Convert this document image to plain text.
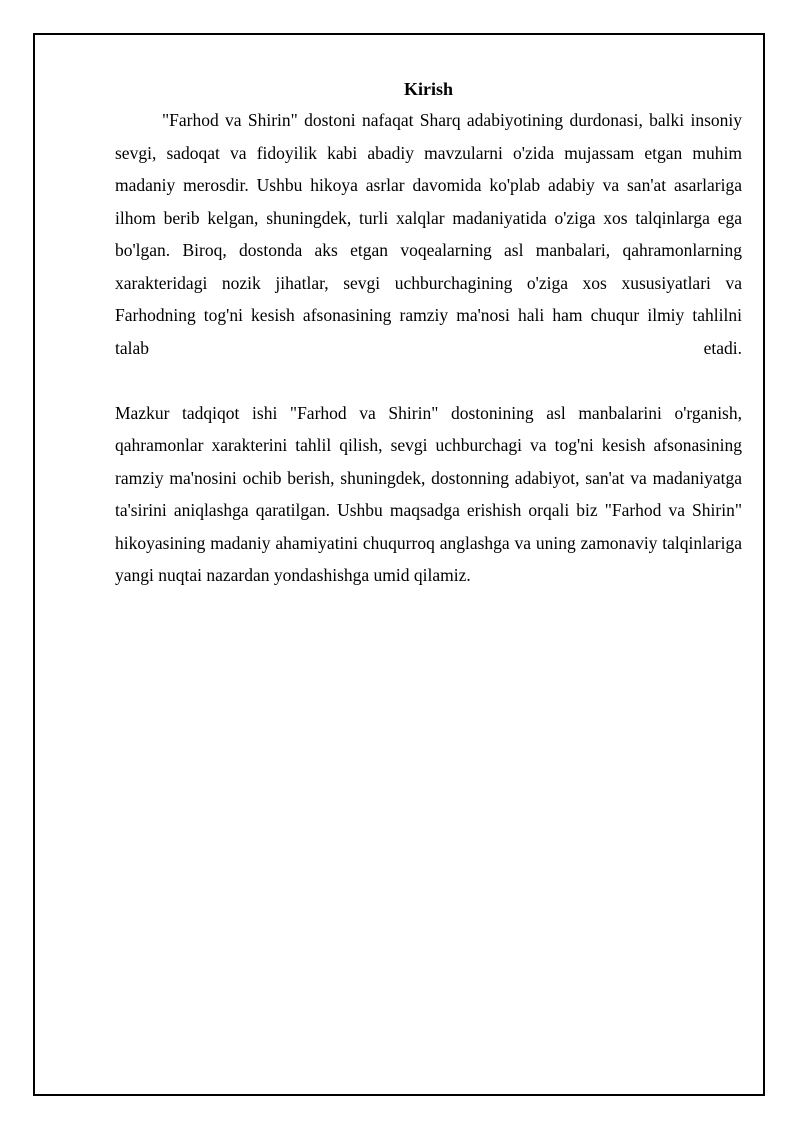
Kirish

"Farhod va Shirin" dostoni nafaqat Sharq adabiyotining durdonasi, balki insoniy sevgi, sadoqat va fidoyilik kabi abadiy mavzularni o'zida mujassam etgan muhim madaniy merosdir. Ushbu hikoya asrlar davomida ko'plab adabiy va san'at asarlariga ilhom berib kelgan, shuningdek, turli xalqlar madaniyatida o'ziga xos talqinlarga ega bo'lgan. Biroq, dostonda aks etgan voqealarning asl manbalari, qahramonlarning xarakteridagi nozik jihatlar, sevgi uchburchagining o'ziga xos xususiyatlari va Farhodning tog'ni kesish afsonasining ramziy ma'nosi hali ham chuqur ilmiy tahlilni talab etadi.

Mazkur tadqiqot ishi "Farhod va Shirin" dostonining asl manbalarini o'rganish, qahramonlar xarakterini tahlil qilish, sevgi uchburchagi va tog'ni kesish afsonasining ramziy ma'nosini ochib berish, shuningdek, dostonning adabiyot, san'at va madaniyatga ta'sirini aniqlashga qaratilgan. Ushbu maqsadga erishish orqali biz "Farhod va Shirin" hikoyasining madaniy ahamiyatini chuqurroq anglashga va uning zamonaviy talqinlariga yangi nuqtai nazardan yondashishga umid qilamiz.
